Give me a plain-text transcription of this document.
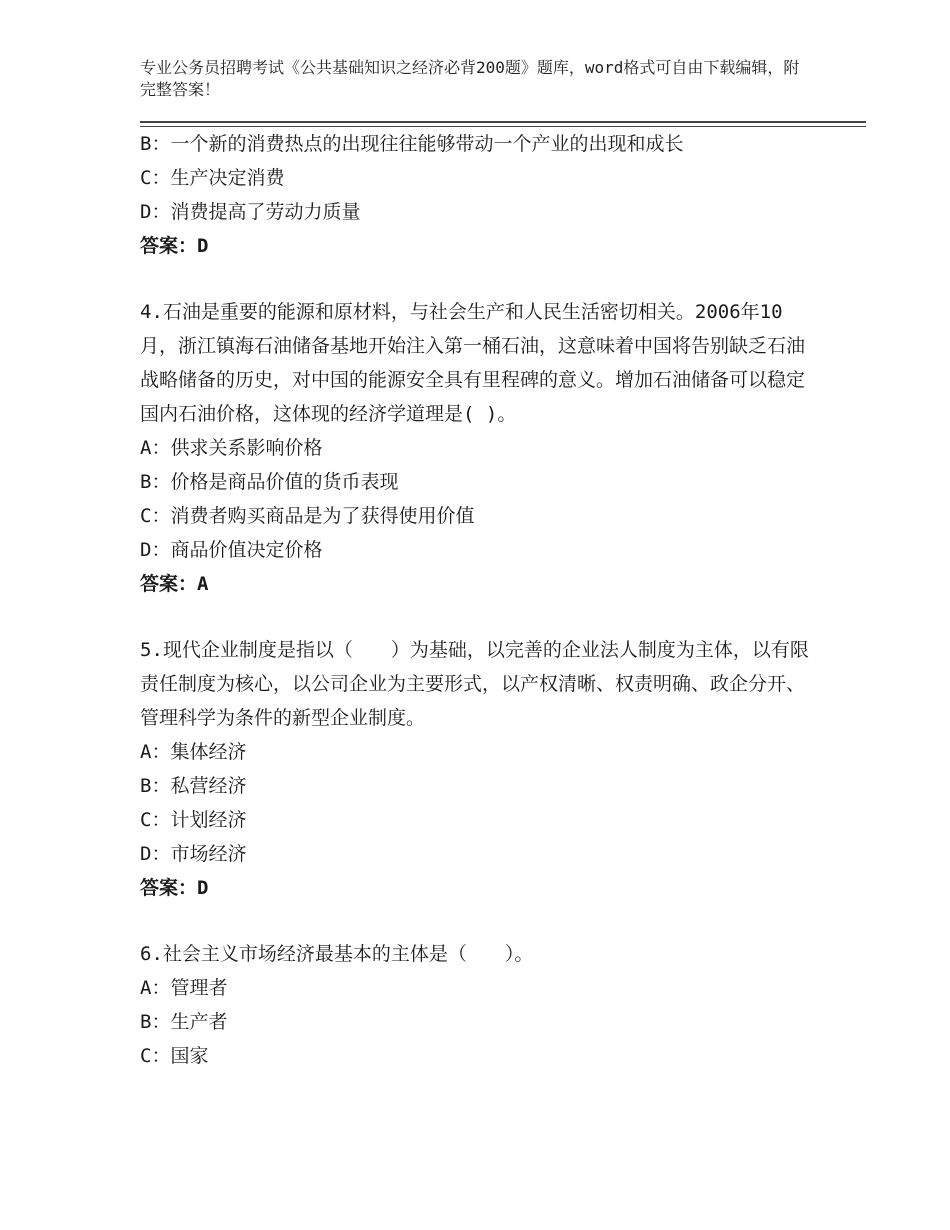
专业公务员招聘考试《公共基础知识之经济必背200题》题库，word格式可自由下载编辑，附完整答案！
B：一个新的消费热点的出现往往能够带动一个产业的出现和成长
C：生产决定消费
D：消费提高了劳动力质量
答案：D
4.石油是重要的能源和原材料，与社会生产和人民生活密切相关。2006年10月，浙江镇海石油储备基地开始注入第一桶石油，这意味着中国将告别缺乏石油战略储备的历史，对中国的能源安全具有里程碑的意义。增加石油储备可以稳定国内石油价格，这体现的经济学道理是( )。
A：供求关系影响价格
B：价格是商品价值的货币表现
C：消费者购买商品是为了获得使用价值
D：商品价值决定价格
答案：A
5.现代企业制度是指以（　　）为基础，以完善的企业法人制度为主体，以有限责任制度为核心，以公司企业为主要形式，以产权清晰、权责明确、政企分开、管理科学为条件的新型企业制度。
A：集体经济
B：私营经济
C：计划经济
D：市场经济
答案：D
6.社会主义市场经济最基本的主体是（　　）。
A：管理者
B：生产者
C：国家
